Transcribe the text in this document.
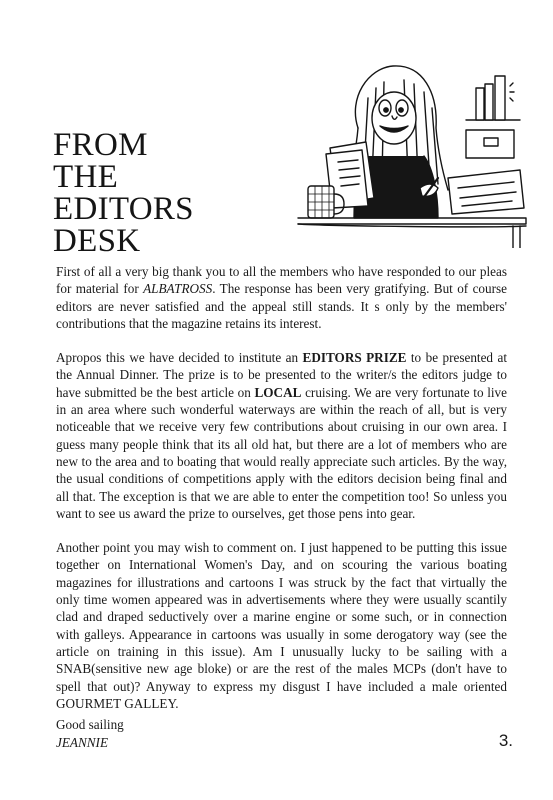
FROM
THE
EDITORS
DESK

First of all a very big thank you to all the members who have responded to our pleas for material for ALBATROSS. The response has been very gratifying. But of course editors are never satisfied and the appeal still stands. It s only by the members' contributions that the magazine retains its interest.

Apropos this we have decided to institute an EDITORS PRIZE to be presented at the Annual Dinner. The prize is to be presented to the writer/s the editors judge to have submitted be the best article on LOCAL cruising. We are very fortunate to live in an area where such wonderful waterways are within the reach of all, but is very noticeable that we receive very few contributions about cruising in our own area. I guess many people think that its all old hat, but there are a lot of members who are new to the area and to boating that would really appreciate such articles. By the way, the usual conditions of competitions apply with the editors decision being final and all that. The exception is that we are able to enter the competition too! So unless you want to see us award the prize to ourselves, get those pens into gear.

Another point you may wish to comment on. I just happened to be putting this issue together on International Women's Day, and on scouring the various boating magazines for illustrations and cartoons I was struck by the fact that virtually the only time women appeared was in advertisements where they were usually scantily clad and draped seductively over a marine engine or some such, or in connection with galleys. Appearance in cartoons was usually in some derogatory way (see the article on training in this issue). Am I unusually lucky to be sailing with a SNAB(sensitive new age bloke) or are the rest of the males MCPs (don't have to spell that out)? Anyway to express my disgust I have included a male oriented GOURMET GALLEY.

Good sailing
JEANNIE	3.
